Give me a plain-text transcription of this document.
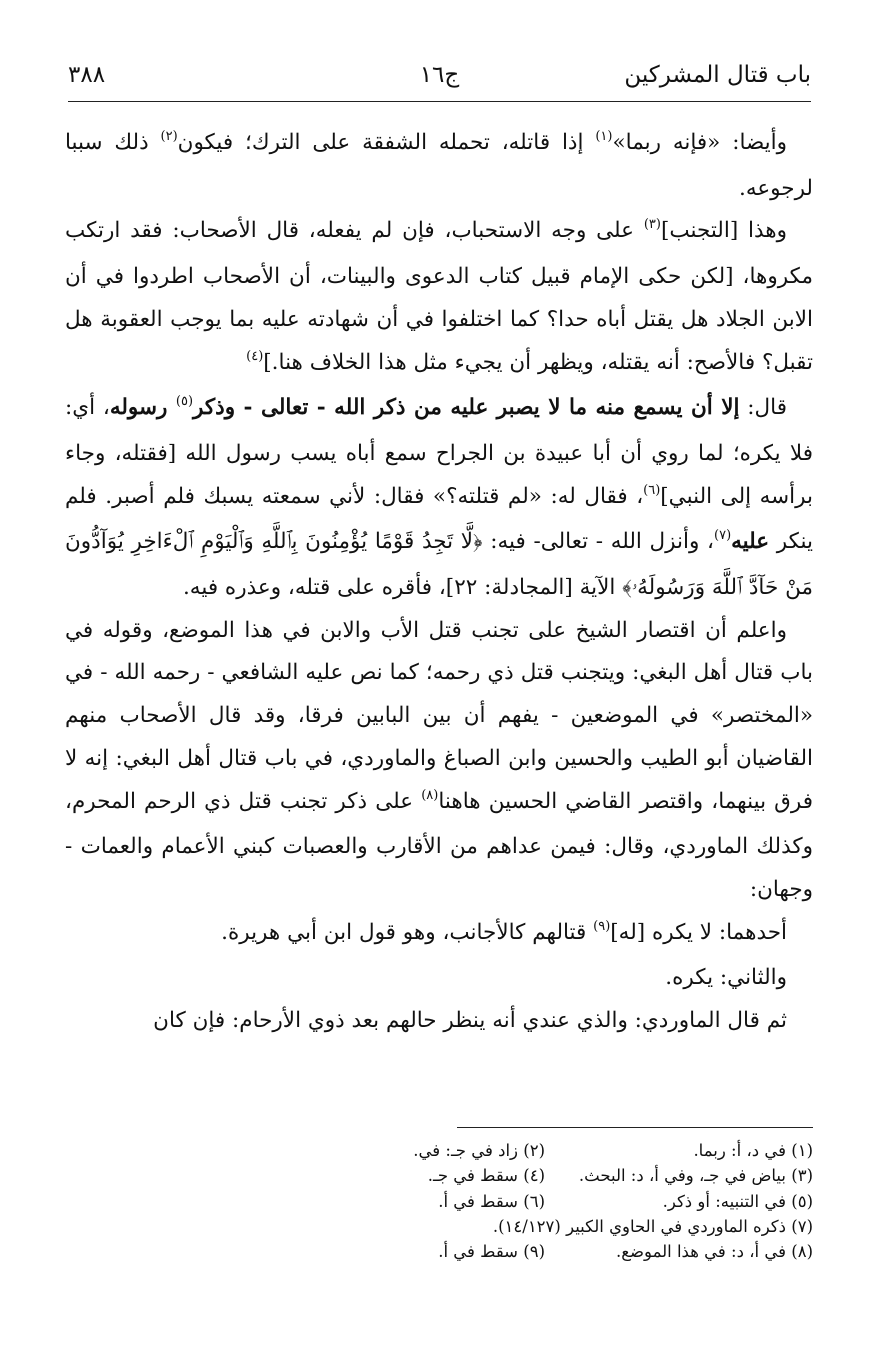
باب قتال المشركين
ج١٦
٣٨٨

وأيضا: «فإنه ربما»$^{(١)}$ إذا قاتله، تحمله الشفقة على الترك؛ فيكون$^{(٢)}$ ذلك سببا لرجوعه.

وهذا [التجنب]$^{(٣)}$ على وجه الاستحباب، فإن لم يفعله، قال الأصحاب: فقد ارتكب مكروها، [لكن حكى الإمام قبيل كتاب الدعوى والبينات، أن الأصحاب اطردوا في أن الابن الجلاد هل يقتل أباه حدا؟ كما اختلفوا في أن شهادته عليه بما يوجب العقوبة هل تقبل؟ فالأصح: أنه يقتله، ويظهر أن يجيء مثل هذا الخلاف هنا.]$^{(٤)}$

قال: إلا أن يسمع منه ما لا يصبر عليه من ذكر الله - تعالى - وذكر$^{(٥)}$ رسوله، أي: فلا يكره؛ لما روي أن أبا عبيدة بن الجراح سمع أباه يسب رسول الله [فقتله، وجاء برأسه إلى النبي]$^{(٦)}$، فقال له: «لم قتلته؟» فقال: لأني سمعته يسبك فلم أصبر. فلم ينكر عليه$^{(٧)}$، وأنزل الله - تعالى- فيه: ﴿لَّا تَجِدُ قَوْمًا يُؤْمِنُونَ بِٱللَّهِ وَٱلْيَوْمِ ٱلْءَاخِرِ يُوَآدُّونَ مَنْ حَآدَّ ٱللَّهَ وَرَسُولَهُۥ﴾ الآية [المجادلة: ٢٢]، فأقره على قتله، وعذره فيه.

واعلم أن اقتصار الشيخ على تجنب قتل الأب والابن في هذا الموضع، وقوله في باب قتال أهل البغي: ويتجنب قتل ذي رحمه؛ كما نص عليه الشافعي - رحمه الله - في «المختصر» في الموضعين - يفهم أن بين البابين فرقا، وقد قال الأصحاب منهم القاضيان أبو الطيب والحسين وابن الصباغ والماوردي، في باب قتال أهل البغي: إنه لا فرق بينهما، واقتصر القاضي الحسين هاهنا$^{(٨)}$ على ذكر تجنب قتل ذي الرحم المحرم، وكذلك الماوردي، وقال: فيمن عداهم من الأقارب والعصبات كبني الأعمام والعمات - وجهان:

أحدهما: لا يكره [له]$^{(٩)}$ قتالهم كالأجانب، وهو قول ابن أبي هريرة.

والثاني: يكره.

ثم قال الماوردي: والذي عندي أنه ينظر حالهم بعد ذوي الأرحام: فإن كان

(١) في د، أ: ربما.
(٢) زاد في جـ: في.
(٣) بياض في جـ، وفي أ، د: البحث.
(٤) سقط في جـ.
(٥) في التنبيه: أو ذكر.
(٦) سقط في أ.
(٧) ذكره الماوردي في الحاوي الكبير (١٤/١٢٧).
(٨) في أ، د: في هذا الموضع.
(٩) سقط في أ.
